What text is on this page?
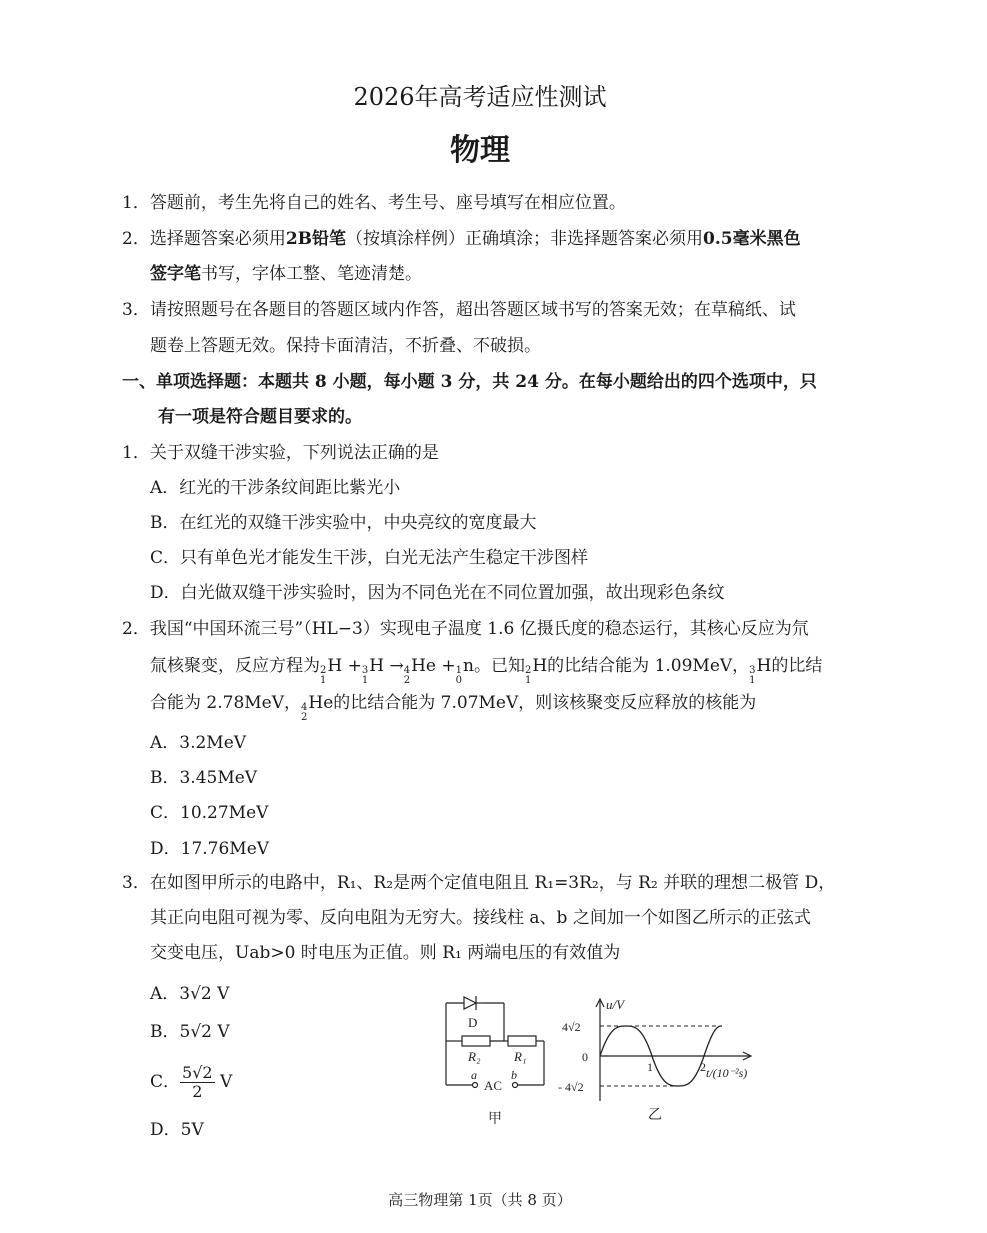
2026年高考适应性测试
物理
1．答题前，考生先将自己的姓名、考生号、座号填写在相应位置。
2．选择题答案必须用2B铅笔（按填涂样例）正确填涂；非选择题答案必须用0.5毫米黑色
签字笔书写，字体工整、笔迹清楚。
3．请按照题号在各题目的答题区域内作答，超出答题区域书写的答案无效；在草稿纸、试
题卷上答题无效。保持卡面清洁，不折叠、不破损。
一、单项选择题：本题共 8 小题，每小题 3 分，共 24 分。在每小题给出的四个选项中，只
有一项是符合题目要求的。
1．关于双缝干涉实验，下列说法正确的是
A．红光的干涉条纹间距比紫光小
B．在红光的双缝干涉实验中，中央亮纹的宽度最大
C．只有单色光才能发生干涉，白光无法产生稳定干涉图样
D．白光做双缝干涉实验时，因为不同色光在不同位置加强，故出现彩色条纹
2．我国“中国环流三号”（HL−3）实现电子温度 1.6 亿摄氏度的稳态运行，其核心反应为氘
氚核聚变，反应方程为 2
1
H + 3
1
H → 4
2
He + 1
0
n。已知 2
1
H的比结合能为 1.09MeV， 3
1
H的比结
合能为 2.78MeV， 4
2
He的比结合能为 7.07MeV，则该核聚变反应释放的核能为
A．3.2MeV
B．3.45MeV
C．10.27MeV
D．17.76MeV
3．在如图甲所示的电路中，R₁、R₂是两个定值电阻且 R₁=3R₂，与 R₂ 并联的理想二极管 D，
其正向电阻可视为零、反向电阻为无穷大。接线柱 a、b 之间加一个如图乙所示的正弦式
交变电压，Uab>0 时电压为正值。则 R₁ 两端电压的有效值为
A．3√2 V
B．5√2 V
C． $\frac{5√2}{2}$ V
D．5V
D
R₂	R₁
a	b
AC
甲
u/V
4√2
0
- 4√2
1	2 t/(10⁻²s)
乙
高三物理第 1页（共 8 页）
